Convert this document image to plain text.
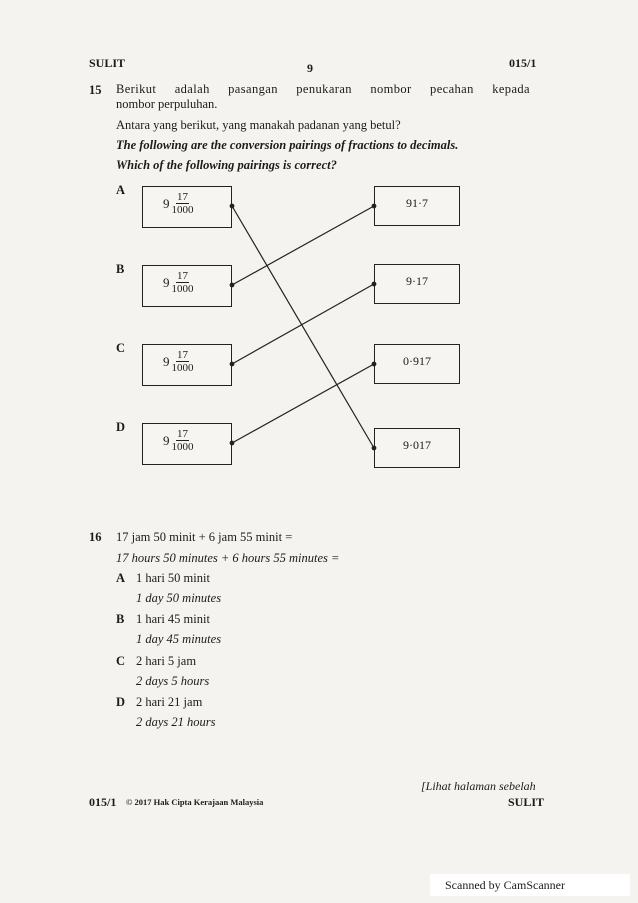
SULIT	9	015/1
15 Berikut adalah pasangan penukaran nombor pecahan kepada
nombor perpuluhan.
Antara yang berikut, yang manakah padanan yang betul?
The following are the conversion pairings of fractions to decimals.
Which of the following pairings is correct?
A
B
C
D
$9 \frac{17}{1000}$
$9 \frac{17}{1000}$
$9 \frac{17}{1000}$
$9 \frac{17}{1000}$
91·7
9·17
0·917
9·017
16 17 jam 50 minit + 6 jam 55 minit =
17 hours 50 minutes + 6 hours 55 minutes =
A 1 hari 50 minit
1 day 50 minutes
B 1 hari 45 minit
1 day 45 minutes
C 2 hari 5 jam
2 days 5 hours
D 2 hari 21 jam
2 days 21 hours
[Lihat halaman sebelah
015/1 © 2017 Hak Cipta Kerajaan Malaysia	SULIT
Scanned by CamScanner
